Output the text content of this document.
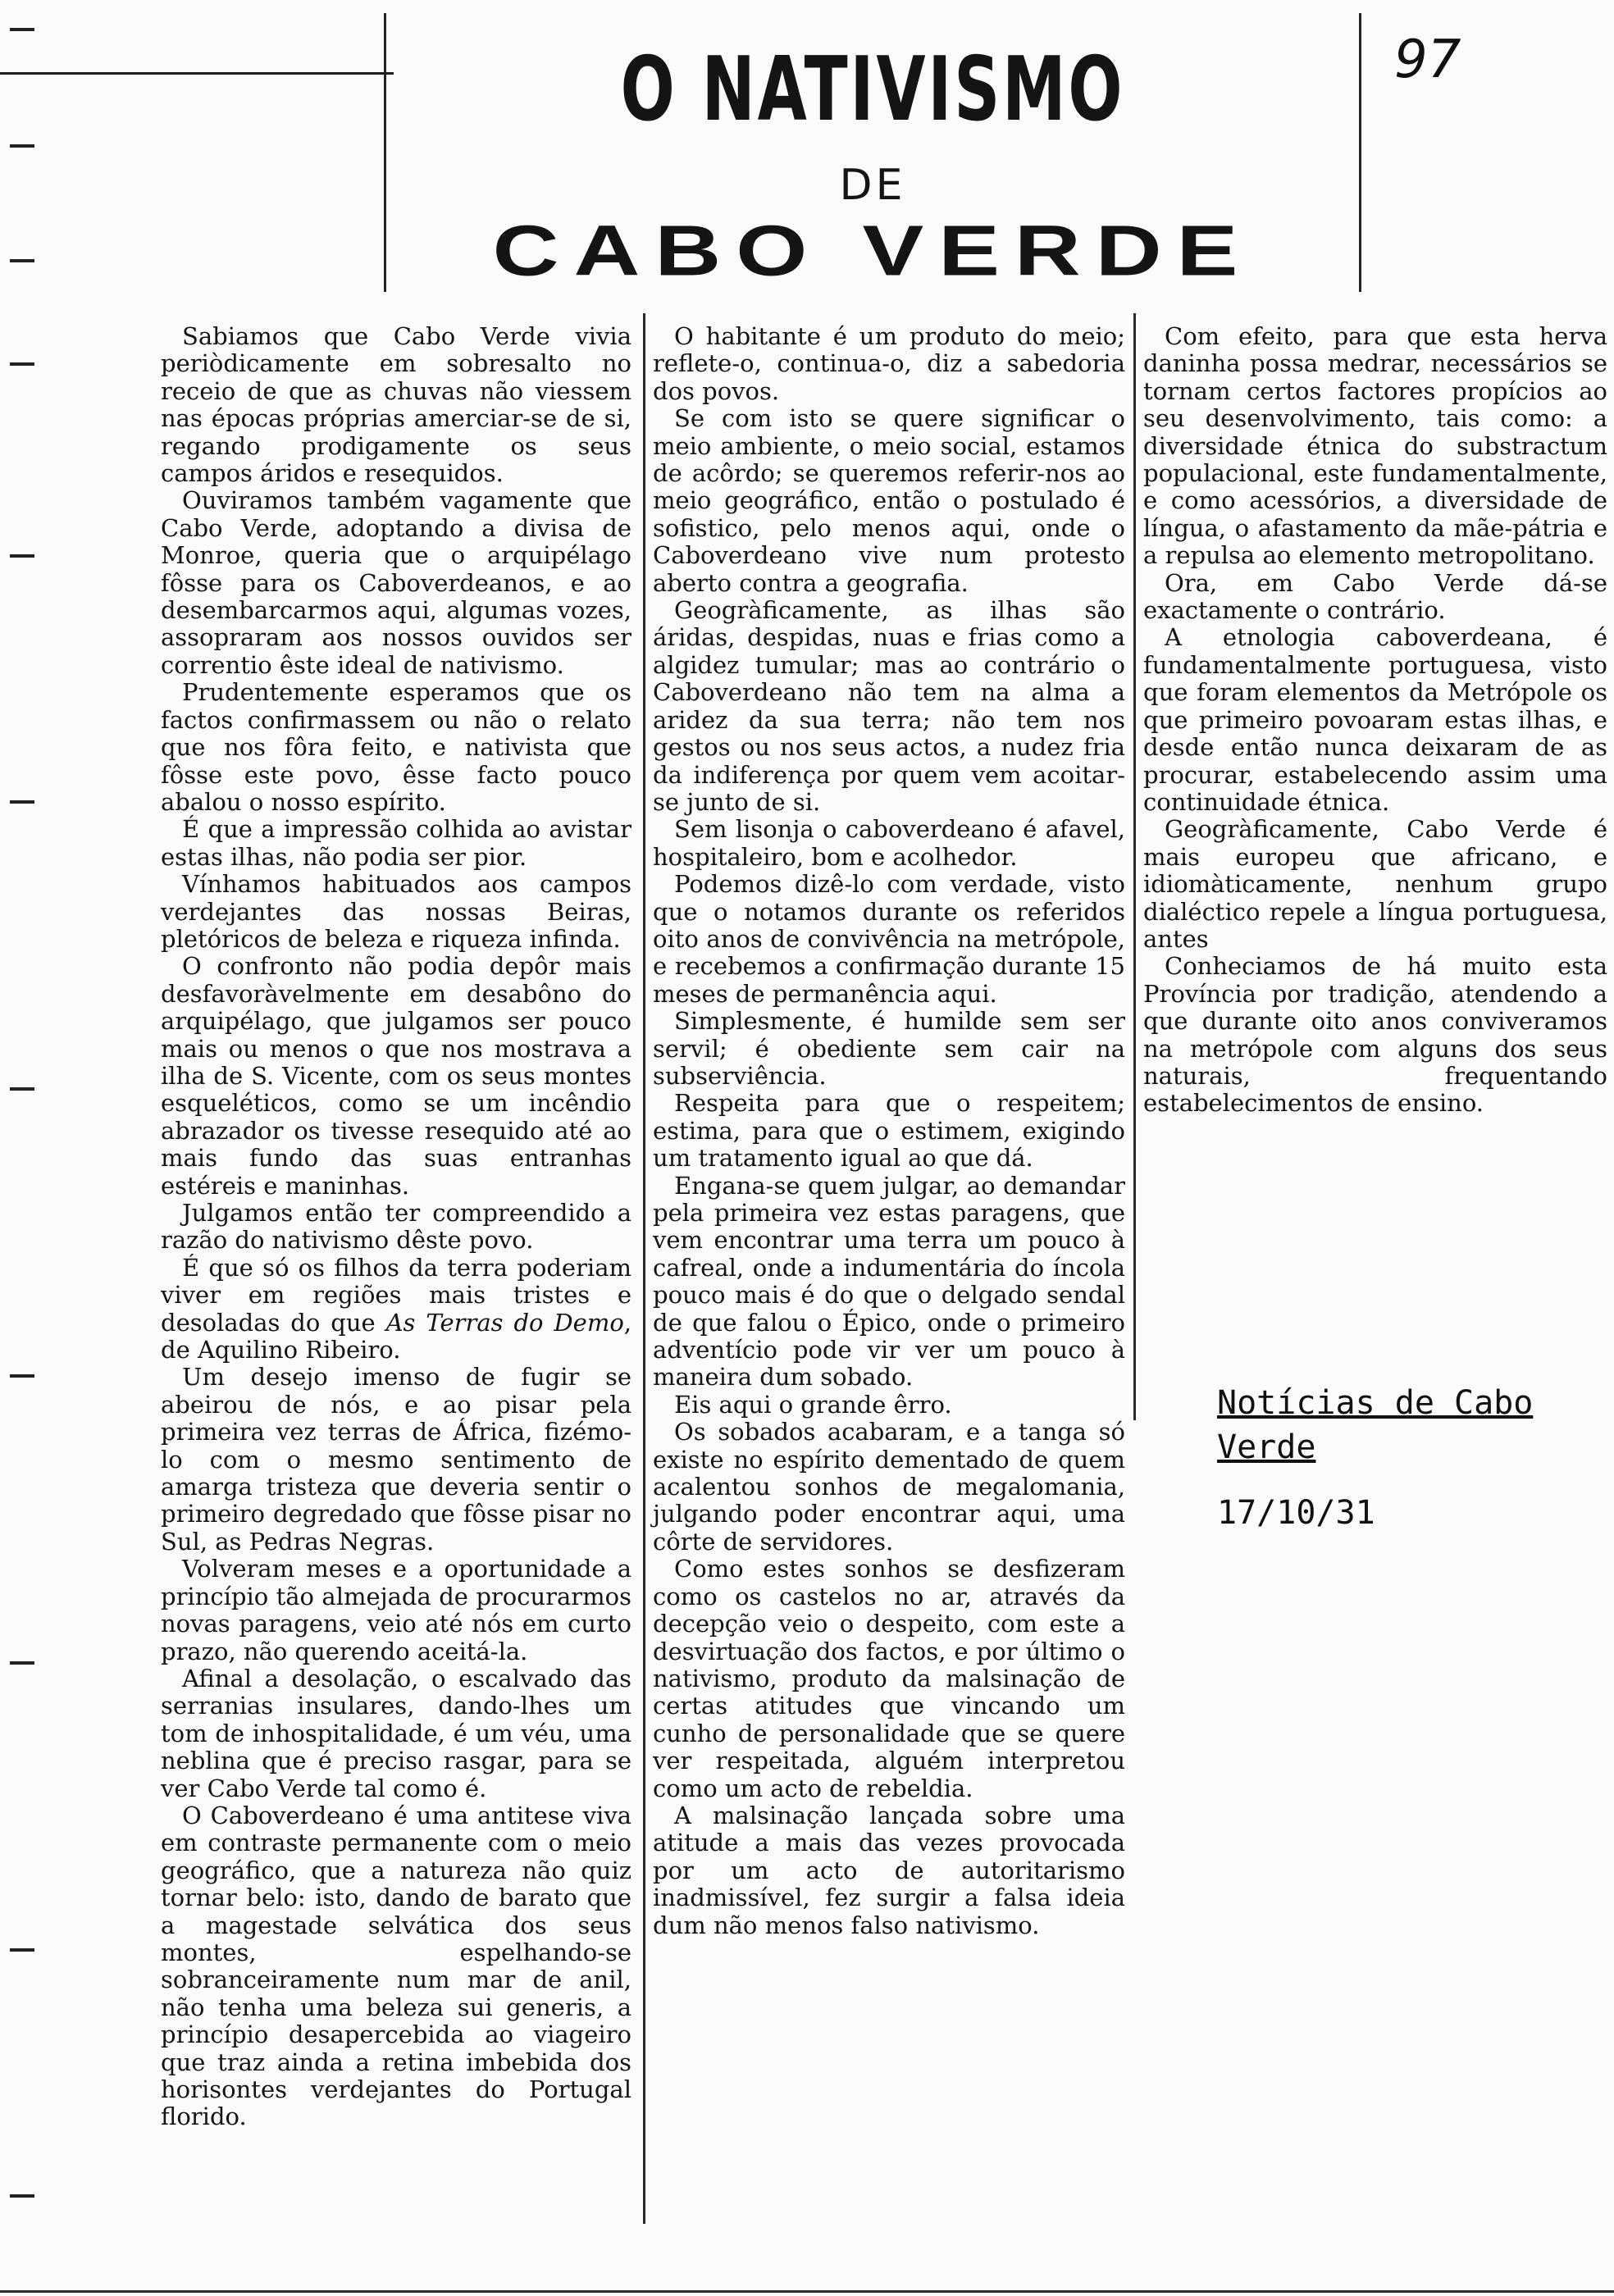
97
O NATIVISMO
DE
CABO VERDE

Sabiamos que Cabo Verde vivia periòdicamente em sobresalto no receio de que as chuvas não viessem nas épocas próprias amerciar-se de si, regando prodigamente os seus campos áridos e resequidos.

Ouviramos também vagamente que Cabo Verde, adoptando a divisa de Monroe, queria que o arquipélago fôsse para os Caboverdeanos, e ao desembarcarmos aqui, algumas vozes, assopraram aos nossos ouvidos ser correntio êste ideal de nativismo.

Prudentemente esperamos que os factos confirmassem ou não o relato que nos fôra feito, e nativista que fôsse este povo, êsse facto pouco abalou o nosso espírito.

É que a impressão colhida ao avistar estas ilhas, não podia ser pior.

Vínhamos habituados aos campos verdejantes das nossas Beiras, pletóricos de beleza e riqueza infinda.

O confronto não podia depôr mais desfavoràvelmente em desabôno do arquipélago, que julgamos ser pouco mais ou menos o que nos mostrava a ilha de S. Vicente, com os seus montes esqueléticos, como se um incêndio abrazador os tivesse resequido até ao mais fundo das suas entranhas estéreis e maninhas.

Julgamos então ter compreendido a razão do nativismo dêste povo.

É que só os filhos da terra poderiam viver em regiões mais tristes e desoladas do que As Terras do Demo, de Aquilino Ribeiro.

Um desejo imenso de fugir se abeirou de nós, e ao pisar pela primeira vez terras de África, fizémo-lo com o mesmo sentimento de amarga tristeza que deveria sentir o primeiro degredado que fôsse pisar no Sul, as Pedras Negras.

Volveram meses e a oportunidade a princípio tão almejada de procurarmos novas paragens, veio até nós em curto prazo, não querendo aceitá-la.

Afinal a desolação, o escalvado das serranias insulares, dando-lhes um tom de inhospitalidade, é um véu, uma neblina que é preciso rasgar, para se ver Cabo Verde tal como é.

O Caboverdeano é uma antitese viva em contraste permanente com o meio geográfico, que a natureza não quiz tornar belo: isto, dando de barato que a magestade selvática dos seus montes, espelhando-se sobranceiramente num mar de anil, não tenha uma beleza sui generis, a princípio desapercebida ao viageiro que traz ainda a retina imbebida dos horisontes verdejantes do Portugal florido.

O habitante é um produto do meio; reflete-o, continua-o, diz a sabedoria dos povos.

Se com isto se quere significar o meio ambiente, o meio social, estamos de acôrdo; se queremos referir-nos ao meio geográfico, então o postulado é sofistico, pelo menos aqui, onde o Caboverdeano vive num protesto aberto contra a geografia.

Geogràficamente, as ilhas são áridas, despidas, nuas e frias como a algidez tumular; mas ao contrário o Caboverdeano não tem na alma a aridez da sua terra; não tem nos gestos ou nos seus actos, a nudez fria da indiferença por quem vem acoitar-se junto de si.

Sem lisonja o caboverdeano é afavel, hospitaleiro, bom e acolhedor.

Podemos dizê-lo com verdade, visto que o notamos durante os referidos oito anos de convivência na metrópole, e recebemos a confirmação durante 15 meses de permanência aqui.

Simplesmente, é humilde sem ser servil; é obediente sem cair na subserviência.

Respeita para que o respeitem; estima, para que o estimem, exigindo um tratamento igual ao que dá.

Engana-se quem julgar, ao demandar pela primeira vez estas paragens, que vem encontrar uma terra um pouco à cafreal, onde a indumentária do íncola pouco mais é do que o delgado sendal de que falou o Épico, onde o primeiro adventício pode vir ver um pouco à maneira dum sobado.

Eis aqui o grande êrro.

Os sobados acabaram, e a tanga só existe no espírito dementado de quem acalentou sonhos de megalomania, julgando poder encontrar aqui, uma côrte de servidores.

Como estes sonhos se desfizeram como os castelos no ar, através da decepção veio o despeito, com este a desvirtuação dos factos, e por último o nativismo, produto da malsinação de certas atitudes que vincando um cunho de personalidade que se quere ver respeitada, alguém interpretou como um acto de rebeldia.

A malsinação lançada sobre uma atitude a mais das vezes provocada por um acto de autoritarismo inadmissível, fez surgir a falsa ideia dum não menos falso nativismo.

Com efeito, para que esta herva daninha possa medrar, necessários se tornam certos factores propícios ao seu desenvolvimento, tais como: a diversidade étnica do substractum populacional, este fundamentalmente, e como acessórios, a diversidade de língua, o afastamento da mãe-pátria e a repulsa ao elemento metropolitano.

Ora, em Cabo Verde dá-se exactamente o contrário.

A etnologia caboverdeana, é fundamentalmente portuguesa, visto que foram elementos da Metrópole os que primeiro povoaram estas ilhas, e desde então nunca deixaram de as procurar, estabelecendo assim uma continuidade étnica.

Geogràficamente, Cabo Verde é mais europeu que africano, e idiomàticamente, nenhum grupo dialéctico repele a língua portuguesa, antes

Conheciamos de há muito esta Província por tradição, atendendo a que durante oito anos conviveramos na metrópole com alguns dos seus naturais, frequentando estabelecimentos de ensino.

Notícias de Cabo Verde
17/10/31
